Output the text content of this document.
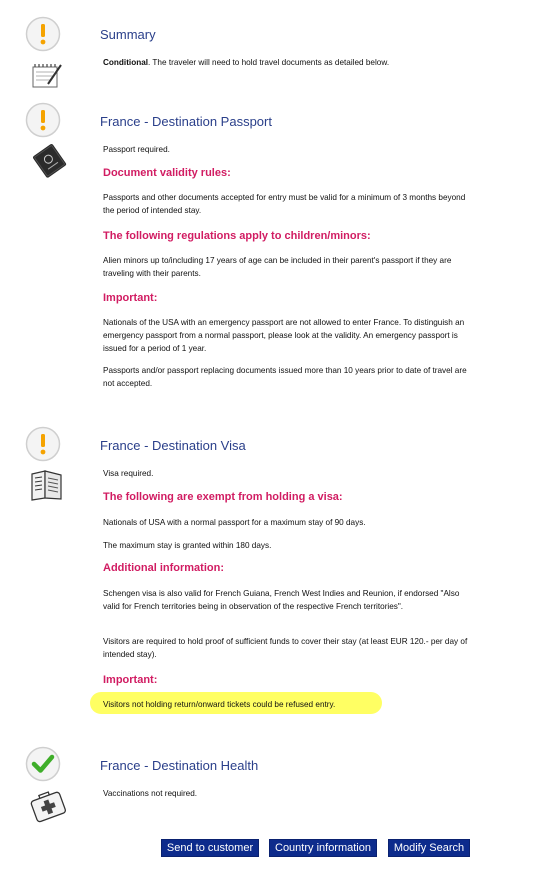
Summary
Conditional. The traveler will need to hold travel documents as detailed below.
France - Destination Passport
Passport required.
Document validity rules:
Passports and other documents accepted for entry must be valid for a minimum of 3 months beyond the period of intended stay.
The following regulations apply to children/minors:
Alien minors up to/including 17 years of age can be included in their parent's passport if they are traveling with their parents.
Important:
Nationals of the USA with an emergency passport are not allowed to enter France. To distinguish an emergency passport from a normal passport, please look at the validity. An emergency passport is issued for a period of 1 year.
Passports and/or passport replacing documents issued more than 10 years prior to date of travel are not accepted.
France - Destination Visa
Visa required.
The following are exempt from holding a visa:
Nationals of USA with a normal passport for a maximum stay of 90 days.
The maximum stay is granted within 180 days.
Additional information:
Schengen visa is also valid for French Guiana, French West Indies and Reunion, if endorsed "Also valid for French territories being in observation of the respective French territories".
Visitors are required to hold proof of sufficient funds to cover their stay (at least EUR 120.- per day of intended stay).
Important:
Visitors not holding return/onward tickets could be refused entry.
France - Destination Health
Vaccinations not required.
Send to customer	Country information	Modify Search
